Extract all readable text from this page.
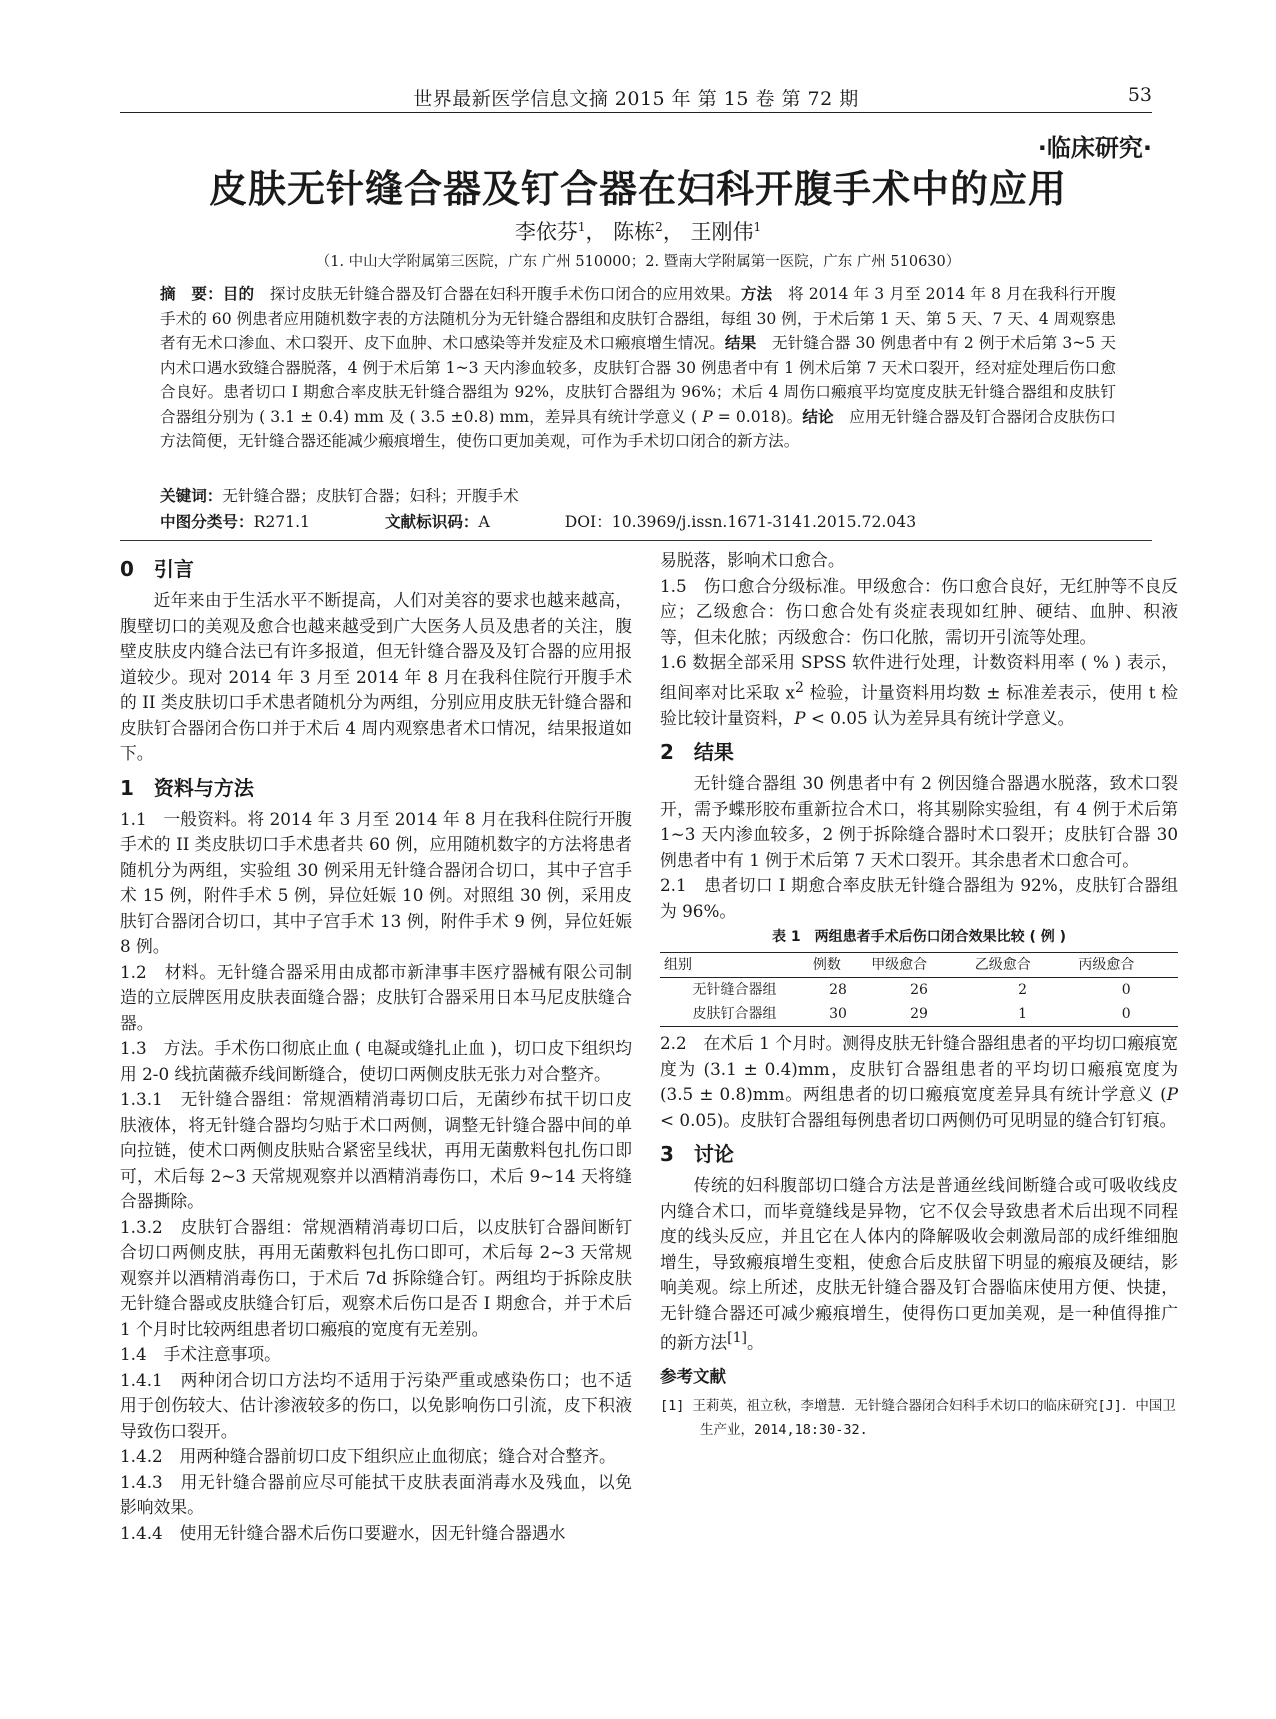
世界最新医学信息文摘 2015 年 第 15 卷 第 72 期	53
·临床研究·
皮肤无针缝合器及钉合器在妇科开腹手术中的应用
李依芬$^1$， 陈栋$^2$， 王刚伟$^1$
（1. 中山大学附属第三医院，广东 广州 510000；2. 暨南大学附属第一医院，广东 广州 510630）
摘　要：目的　 探讨皮肤无针缝合器及钉合器在妇科开腹手术伤口闭合的应用效果。方法　 将 2014 年 3 月至 2014 年 8 月在我科行开腹手术的 60 例患者应用随机数字表的方法随机分为无针缝合器组和皮肤钉合器组，每组 30 例，于术后第 1 天、第 5 天、7 天、4 周观察患者有无术口渗血、术口裂开、皮下血肿、术口感染等并发症及术口瘢痕增生情况。结果　 无针缝合器 30 例患者中有 2 例于术后第 3~5 天内术口遇水致缝合器脱落，4 例于术后第 1~3 天内渗血较多，皮肤钉合器 30 例患者中有 1 例术后第 7 天术口裂开，经对症处理后伤口愈合良好。患者切口 I 期愈合率皮肤无针缝合器组为 92%，皮肤钉合器组为 96%；术后 4 周伤口瘢痕平均宽度皮肤无针缝合器组和皮肤钉合器组分别为 ( 3.1 ± 0.4) mm 及 ( 3.5 ±0.8) mm，差异具有统计学意义 ( P = 0.018)。结论　 应用无针缝合器及钉合器闭合皮肤伤口方法简便，无针缝合器还能减少瘢痕增生，使伤口更加美观，可作为手术切口闭合的新方法。
关键词：无针缝合器；皮肤钉合器；妇科；开腹手术
中图分类号：R271.1	文献标识码：A	DOI：10.3969/j.issn.1671-3141.2015.72.043
0　引言

近年来由于生活水平不断提高，人们对美容的要求也越来越高，腹壁切口的美观及愈合也越来越受到广大医务人员及患者的关注，腹壁皮肤皮内缝合法已有许多报道，但无针缝合器及及钉合器的应用报道较少。现对 2014 年 3 月至 2014 年 8 月在我科住院行开腹手术的 II 类皮肤切口手术患者随机分为两组，分别应用皮肤无针缝合器和皮肤钉合器闭合伤口并于术后 4 周内观察患者术口情况，结果报道如下。

1　资料与方法

1.1　一般资料。将 2014 年 3 月至 2014 年 8 月在我科住院行开腹手术的 II 类皮肤切口手术患者共 60 例，应用随机数字的方法将患者随机分为两组，实验组 30 例采用无针缝合器闭合切口，其中子宫手术 15 例，附件手术 5 例，异位妊娠 10 例。对照组 30 例，采用皮肤钉合器闭合切口，其中子宫手术 13 例，附件手术 9 例，异位妊娠 8 例。

1.2　材料。无针缝合器采用由成都市新津事丰医疗器械有限公司制造的立辰牌医用皮肤表面缝合器；皮肤钉合器采用日本马尼皮肤缝合器。

1.3　方法。手术伤口彻底止血 ( 电凝或缝扎止血 )，切口皮下组织均用 2-0 线抗菌薇乔线间断缝合，使切口两侧皮肤无张力对合整齐。

1.3.1　无针缝合器组：常规酒精消毒切口后，无菌纱布拭干切口皮肤液体，将无针缝合器均匀贴于术口两侧，调整无针缝合器中间的单向拉链，使术口两侧皮肤贴合紧密呈线状，再用无菌敷料包扎伤口即可，术后每 2~3 天常规观察并以酒精消毒伤口，术后 9~14 天将缝合器撕除。

1.3.2　皮肤钉合器组：常规酒精消毒切口后，以皮肤钉合器间断钉合切口两侧皮肤，再用无菌敷料包扎伤口即可，术后每 2~3 天常规观察并以酒精消毒伤口，于术后 7d 拆除缝合钉。两组均于拆除皮肤无针缝合器或皮肤缝合钉后，观察术后伤口是否 I 期愈合，并于术后 1 个月时比较两组患者切口瘢痕的宽度有无差别。

1.4　手术注意事项。

1.4.1　两种闭合切口方法均不适用于污染严重或感染伤口；也不适用于创伤较大、估计渗液较多的伤口，以免影响伤口引流，皮下积液导致伤口裂开。

1.4.2　用两种缝合器前切口皮下组织应止血彻底；缝合对合整齐。

1.4.3　用无针缝合器前应尽可能拭干皮肤表面消毒水及残血，以免影响效果。

1.4.4　使用无针缝合器术后伤口要避水，因无针缝合器遇水

易脱落，影响术口愈合。

1.5　伤口愈合分级标准。甲级愈合：伤口愈合良好，无红肿等不良反应；乙级愈合：伤口愈合处有炎症表现如红肿、硬结、血肿、积液等，但未化脓；丙级愈合：伤口化脓，需切开引流等处理。

1.6 数据全部采用 SPSS 软件进行处理，计数资料用率 ( % ) 表示，组间率对比采取 $x^2$ 检验，计量资料用均数 ± 标准差表示，使用 t 检验比较计量资料，P < 0.05 认为差异具有统计学意义。

2　结果

无针缝合器组 30 例患者中有 2 例因缝合器遇水脱落，致术口裂开，需予蝶形胶布重新拉合术口，将其剔除实验组，有 4 例于术后第 1~3 天内渗血较多，2 例于拆除缝合器时术口裂开；皮肤钉合器 30 例患者中有 1 例于术后第 7 天术口裂开。其余患者术口愈合可。

2.1　患者切口 I 期愈合率皮肤无针缝合器组为 92%，皮肤钉合器组为 96%。

表 1　两组患者手术后伤口闭合效果比较 ( 例 )
组别	例数	甲级愈合	乙级愈合	丙级愈合
无针缝合器组	28	26	2	0
皮肤钉合器组	30	29	1	0

2.2　在术后 1 个月时。测得皮肤无针缝合器组患者的平均切口瘢痕宽度为 (3.1 ± 0.4)mm，皮肤钉合器组患者的平均切口瘢痕宽度为 (3.5 ± 0.8)mm。两组患者的切口瘢痕宽度差异具有统计学意义 (P < 0.05)。皮肤钉合器组每例患者切口两侧仍可见明显的缝合钉钉痕。

3　讨论

传统的妇科腹部切口缝合方法是普通丝线间断缝合或可吸收线皮内缝合术口，而毕竟缝线是异物，它不仅会导致患者术后出现不同程度的线头反应，并且它在人体内的降解吸收会刺激局部的成纤维细胞增生，导致瘢痕增生变粗，使愈合后皮肤留下明显的瘢痕及硬结，影响美观。综上所述，皮肤无针缝合器及钉合器临床使用方便、快捷，无针缝合器还可减少瘢痕增生，使得伤口更加美观，是一种值得推广的新方法[1]。

参考文献

[1] 王莉英，祖立秋，李增慧．无针缝合器闭合妇科手术切口的临床研究[J]．中国卫生产业，2014,18:30-32.
